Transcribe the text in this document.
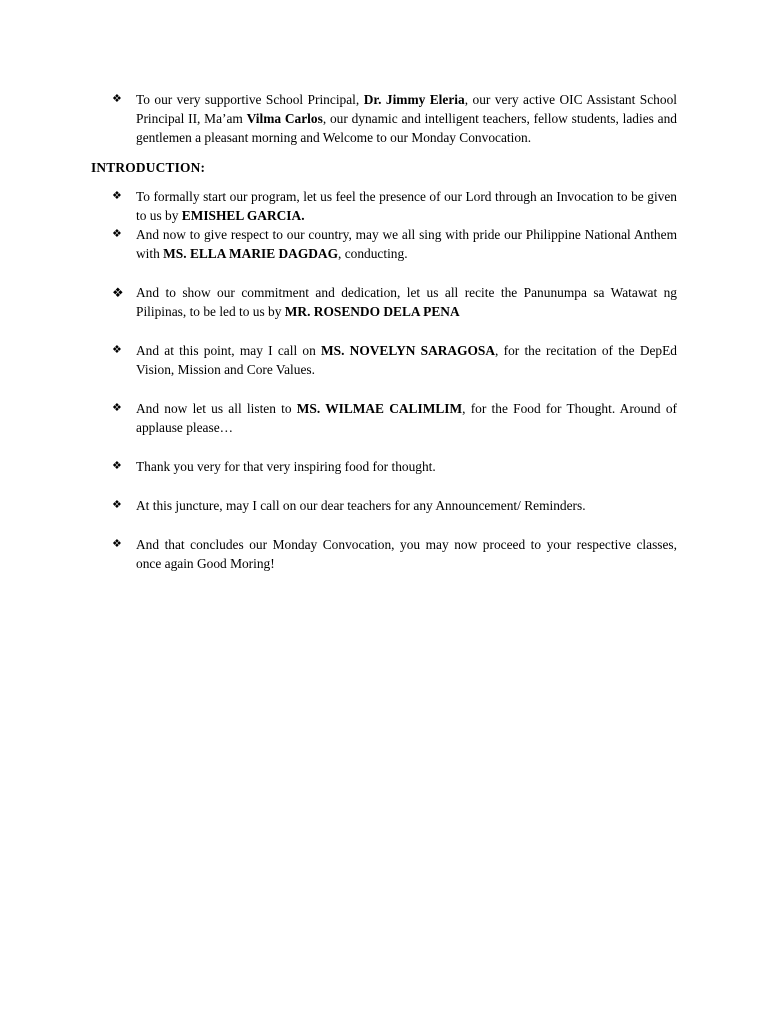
❖ To our very supportive School Principal, Dr. Jimmy Eleria, our very active OIC Assistant School Principal II, Ma’am Vilma Carlos, our dynamic and intelligent teachers, fellow students, ladies and gentlemen a pleasant morning and Welcome to our Monday Convocation.
INTRODUCTION:
❖ To formally start our program, let us feel the presence of our Lord through an Invocation to be given to us by EMISHEL GARCIA.
❖ And now to give respect to our country, may we all sing with pride our Philippine National Anthem with MS. ELLA MARIE DAGDAG, conducting.
❖ And to show our commitment and dedication, let us all recite the Panunumpa sa Watawat ng Pilipinas, to be led to us by MR. ROSENDO DELA PENA
❖ And at this point, may I call on MS. NOVELYN SARAGOSA, for the recitation of the DepEd Vision, Mission and Core Values.
❖ And now let us all listen to MS. WILMAE CALIMLIM, for the Food for Thought. Around of applause please…
❖ Thank you very for that very inspiring food for thought.
❖ At this juncture, may I call on our dear teachers for any Announcement/ Reminders.
❖ And that concludes our Monday Convocation, you may now proceed to your respective classes, once again Good Moring!
